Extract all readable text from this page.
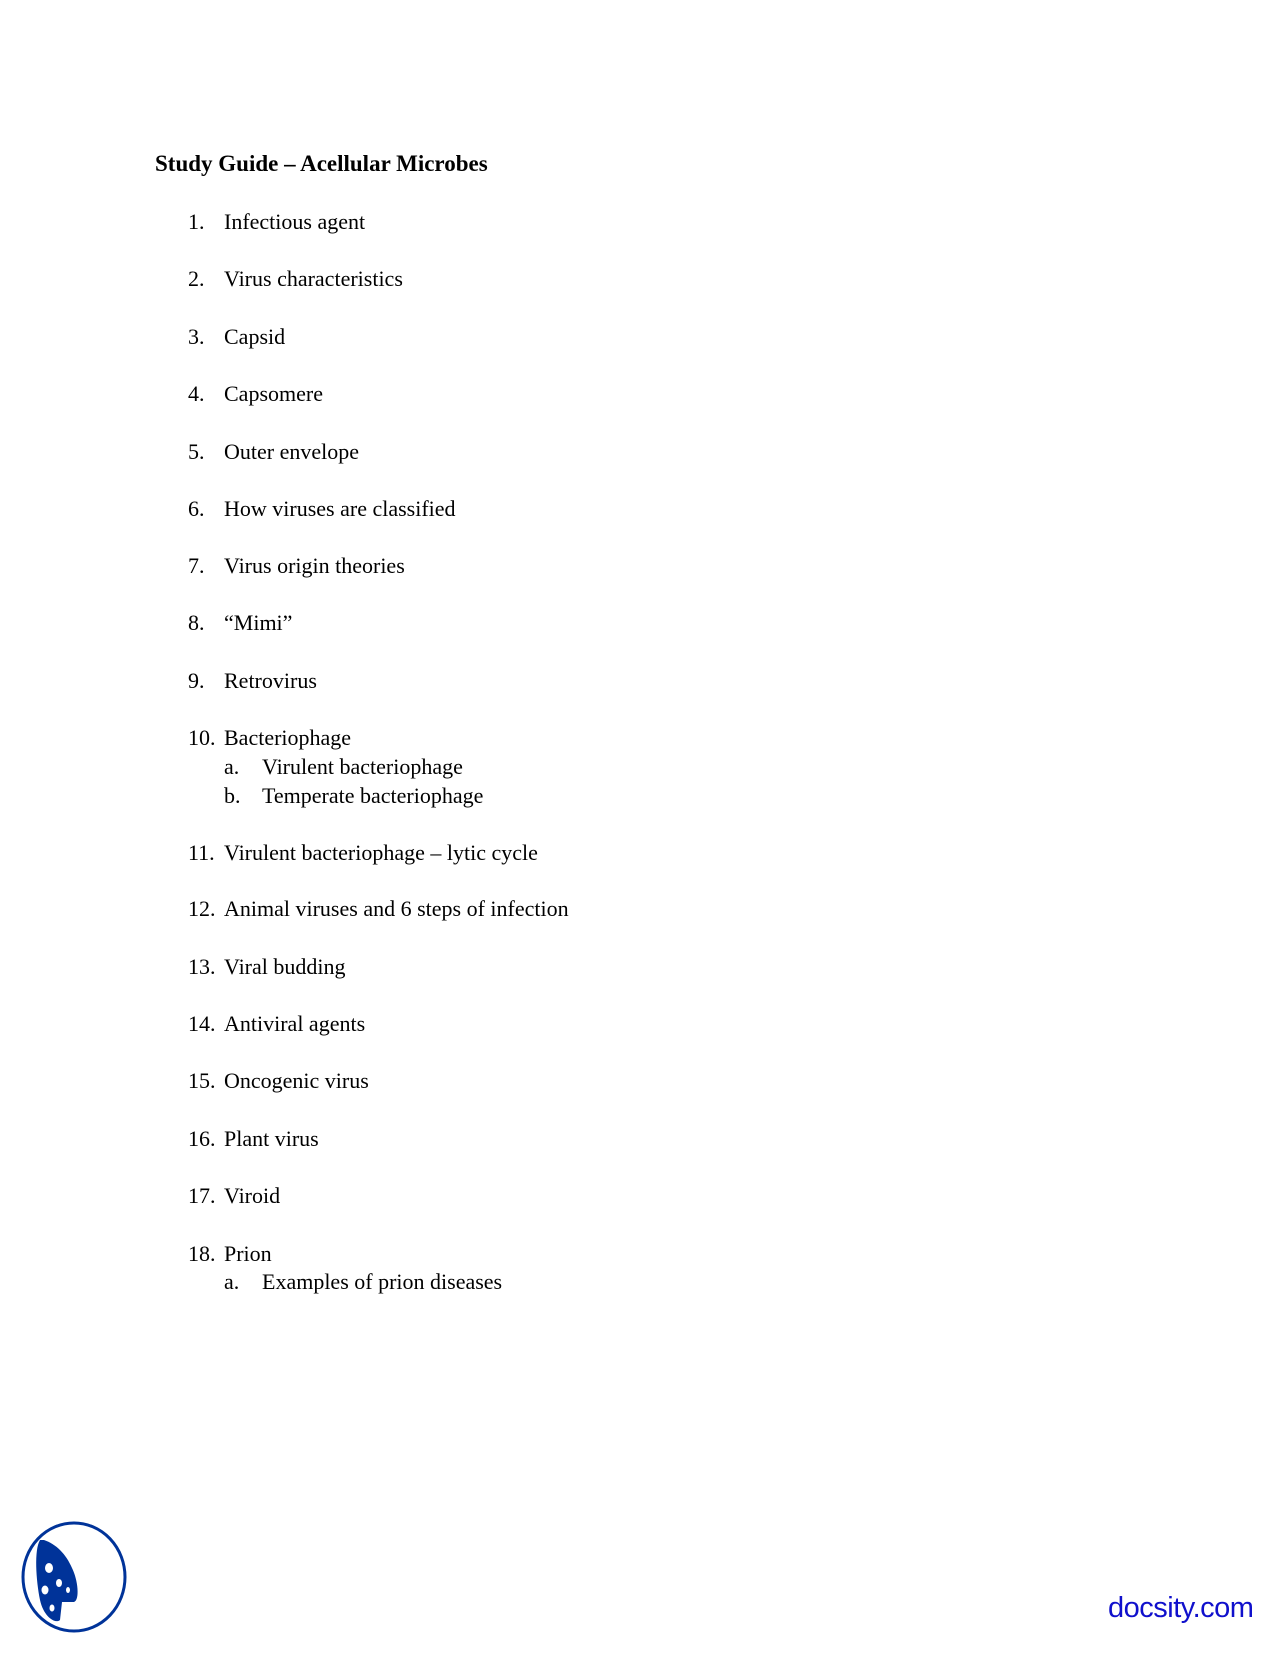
Study Guide – Acellular Microbes
1. Infectious agent
2. Virus characteristics
3. Capsid
4. Capsomere
5. Outer envelope
6. How viruses are classified
7. Virus origin theories
8. “Mimi”
9. Retrovirus
10. Bacteriophage
a. Virulent bacteriophage
b. Temperate bacteriophage
11. Virulent bacteriophage – lytic cycle
12. Animal viruses and 6 steps of infection
13. Viral budding
14. Antiviral agents
15. Oncogenic virus
16. Plant virus
17. Viroid
18. Prion
a. Examples of prion diseases
docsity.com
